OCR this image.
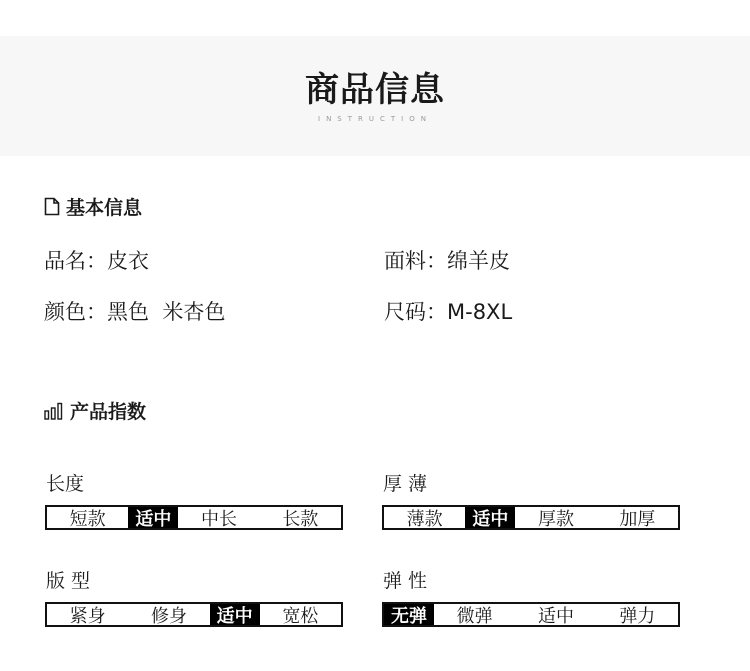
商品信息
INSTRUCTION
基本信息
品名：皮衣	面料：绵羊皮
颜色：黑色  米杏色	尺码：M-8XL
产品指数
长度
短款	适中	中长	长款
厚 薄
薄款	适中	厚款	加厚
版 型
紧身	修身	适中	宽松
弹 性
无弹	微弹	适中	弹力
